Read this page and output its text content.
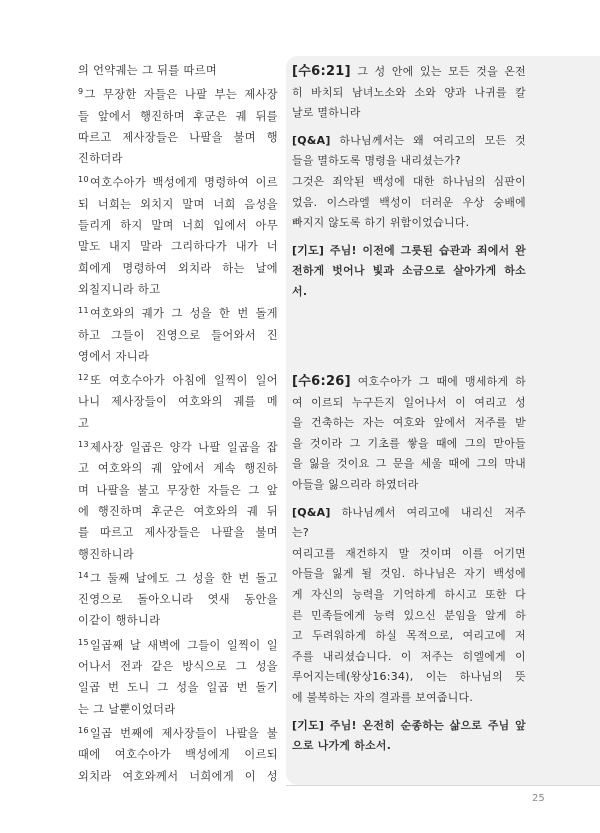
의 언약궤는 그 뒤를 따르며
$^9$그 무장한 자들은 나팔 부는 제사장
들 앞에서 행진하며 후군은 궤 뒤를
따르고 제사장들은 나팔을 불며 행
진하더라
$^{10}$여호수아가 백성에게 명령하여 이르
되 너희는 외치지 말며 너희 음성을
들리게 하지 말며 너희 입에서 아무
말도 내지 말라 그리하다가 내가 너
희에게 명령하여 외치라 하는 날에
외칠지니라 하고
$^{11}$여호와의 궤가 그 성을 한 번 돌게
하고 그들이 진영으로 들어와서 진
영에서 자니라
$^{12}$또 여호수아가 아침에 일찍이 일어
나니 제사장들이 여호와의 궤를 메
고
$^{13}$제사장 일곱은 양각 나팔 일곱을 잡
고 여호와의 궤 앞에서 계속 행진하
며 나팔을 불고 무장한 자들은 그 앞
에 행진하며 후군은 여호와의 궤 뒤
를 따르고 제사장들은 나팔을 불며
행진하니라
$^{14}$그 둘째 날에도 그 성을 한 번 돌고
진영으로 돌아오니라 엿새 동안을
이같이 행하니라
$^{15}$일곱째 날 새벽에 그들이 일찍이 일
어나서 전과 같은 방식으로 그 성을
일곱 번 도니 그 성을 일곱 번 돌기
는 그 날뿐이었더라
$^{16}$일곱 번째에 제사장들이 나팔을 불
때에 여호수아가 백성에게 이르되
외치라 여호와께서 너희에게 이 성
[수6:21] 그 성 안에 있는 모든 것을 온전
히 바치되 남녀노소와 소와 양과 나귀를 칼
날로 멸하니라
[Q&A] 하나님께서는 왜 여리고의 모든 것
들을 멸하도록 명령을 내리셨는가?
그것은 죄악된 백성에 대한 하나님의 심판이
었음. 이스라엘 백성이 더러운 우상 숭배에
빠지지 않도록 하기 위함이었습니다.
[기도] 주님! 이전에 그릇된 습관과 죄에서 완
전하게 벗어나 빛과 소금으로 살아가게 하소
서.
[수6:26] 여호수아가 그 때에 맹세하게 하
여 이르되 누구든지 일어나서 이 여리고 성
을 건축하는 자는 여호와 앞에서 저주를 받
을 것이라 그 기초를 쌓을 때에 그의 맏아들
을 잃을 것이요 그 문을 세울 때에 그의 막내
아들을 잃으리라 하였더라
[Q&A] 하나님께서 여리고에 내리신 저주
는?
여리고를 재건하지 말 것이며 이를 어기면
아들을 잃게 될 것임. 하나님은 자기 백성에
게 자신의 능력을 기억하게 하시고 또한 다
른 민족들에게 능력 있으신 분임을 알게 하
고 두려워하게 하실 목적으로, 여리고에 저
주를 내리셨습니다. 이 저주는 히엘에게 이
루어지는데(왕상16:34), 이는 하나님의 뜻
에 불복하는 자의 결과를 보여줍니다.
[기도] 주님! 온전히 순종하는 삶으로 주님 앞
으로 나가게 하소서.
25
